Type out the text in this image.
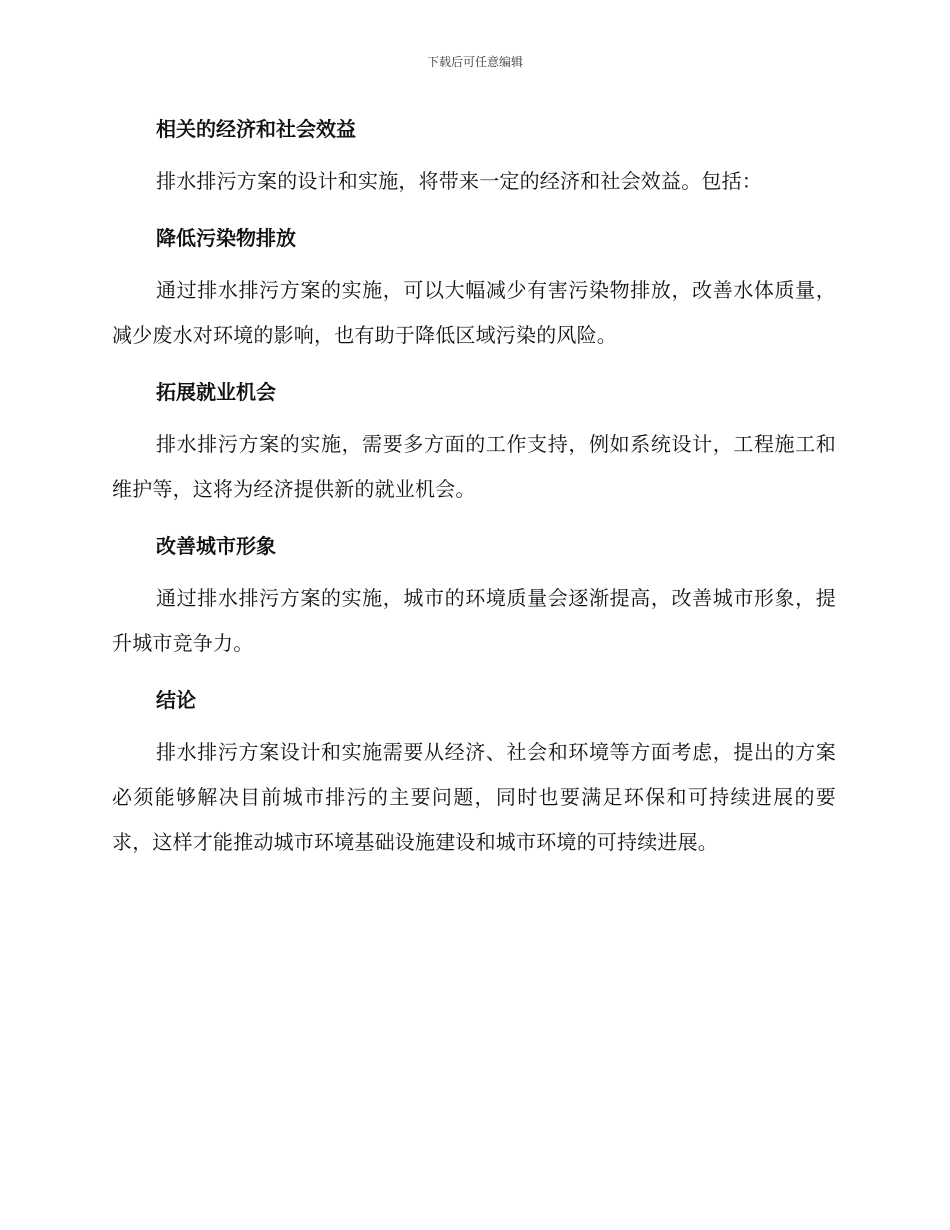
下载后可任意编辑
相关的经济和社会效益

排水排污方案的设计和实施，将带来一定的经济和社会效益。包括：

降低污染物排放

通过排水排污方案的实施，可以大幅减少有害污染物排放，改善水体质量，减少废水对环境的影响，也有助于降低区域污染的风险。

拓展就业机会

排水排污方案的实施，需要多方面的工作支持，例如系统设计，工程施工和维护等，这将为经济提供新的就业机会。

改善城市形象

通过排水排污方案的实施，城市的环境质量会逐渐提高，改善城市形象，提升城市竞争力。

结论

排水排污方案设计和实施需要从经济、社会和环境等方面考虑，提出的方案必须能够解决目前城市排污的主要问题，同时也要满足环保和可持续进展的要求，这样才能推动城市环境基础设施建设和城市环境的可持续进展。
